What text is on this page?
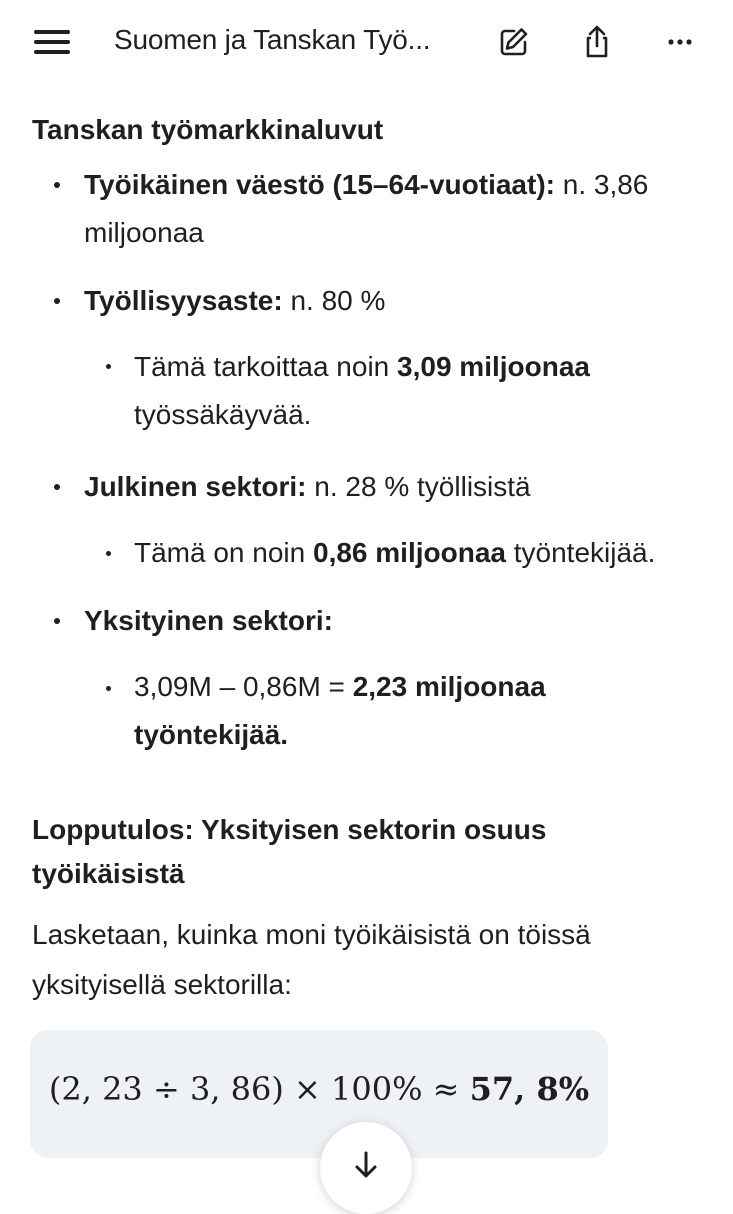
Suomen ja Tanskan Työ...
Tanskan työmarkkinaluvut
Työikäinen väestö (15–64-vuotiaat): n. 3,86
miljoonaa
Työllisyysaste: n. 80 %
Tämä tarkoittaa noin 3,09 miljoonaa
työssäkäyvää.
Julkinen sektori: n. 28 % työllisistä
Tämä on noin 0,86 miljoonaa työntekijää.
Yksityinen sektori:
3,09M – 0,86M = 2,23 miljoonaa
työntekijää.
Lopputulos: Yksityisen sektorin osuus
työikäisistä
Lasketaan, kuinka moni työikäisistä on töissä
yksityisellä sektorilla:
(2, 23 ÷ 3, 86) × 100% ≈ 57, 8%
